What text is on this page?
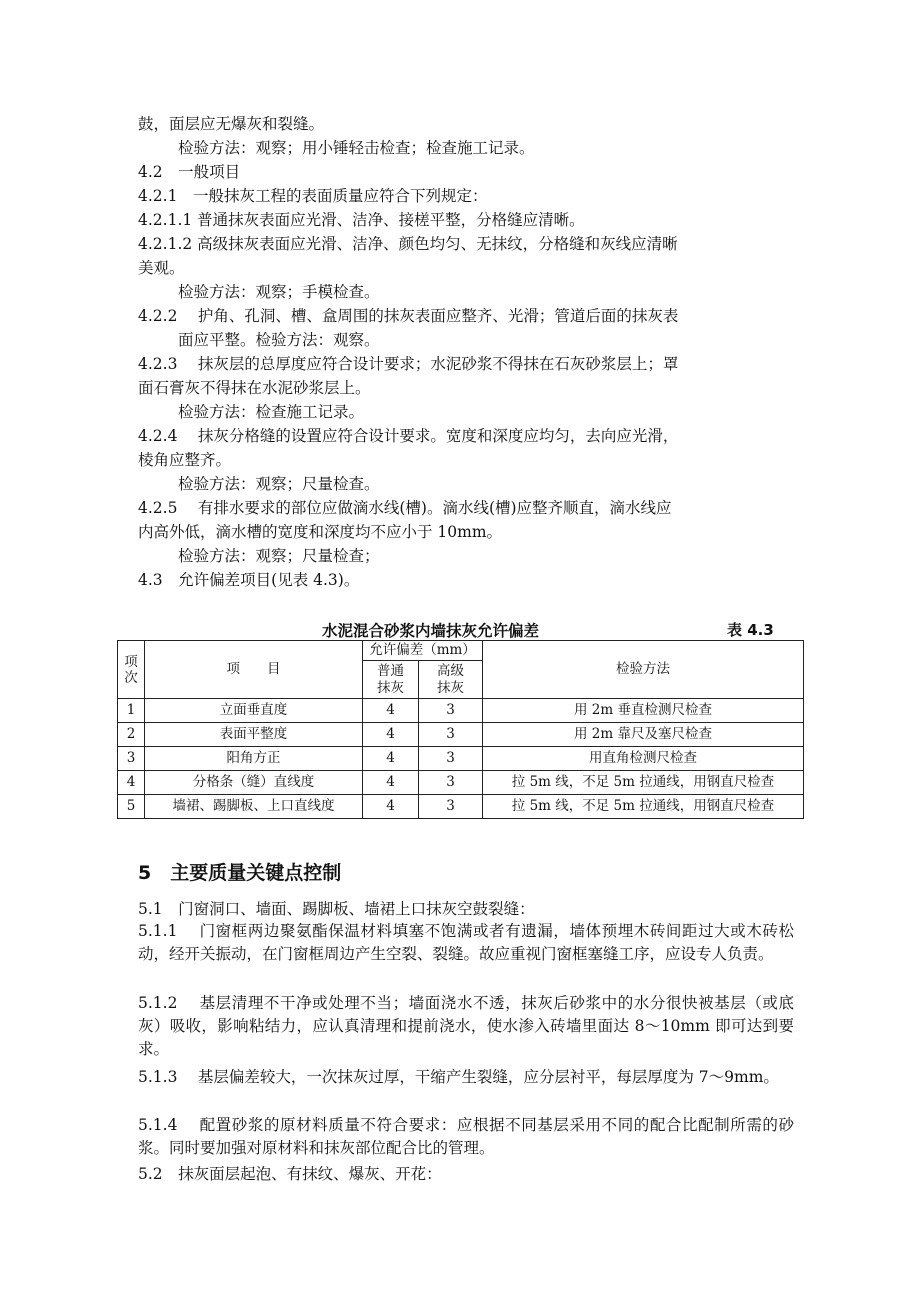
鼓，面层应无爆灰和裂缝。
检验方法：观察；用小锤轻击检查；检查施工记录。
4.2　一般项目
4.2.1　一般抹灰工程的表面质量应符合下列规定：
4.2.1.1 普通抹灰表面应光滑、洁净、接槎平整，分格缝应清晰。
4.2.1.2 高级抹灰表面应光滑、洁净、颜色均匀、无抹纹，分格缝和灰线应清晰
美观。
检验方法：观察；手模检查。
4.2.2　 护角、孔洞、槽、盒周围的抹灰表面应整齐、光滑；管道后面的抹灰表
面应平整。检验方法：观察。
4.2.3　 抹灰层的总厚度应符合设计要求；水泥砂浆不得抹在石灰砂浆层上；罩
面石膏灰不得抹在水泥砂浆层上。
检验方法：检查施工记录。
4.2.4　 抹灰分格缝的设置应符合设计要求。宽度和深度应均匀，去向应光滑，
棱角应整齐。
检验方法：观察；尺量检查。
4.2.5　 有排水要求的部位应做滴水线(槽)。滴水线(槽)应整齐顺直，滴水线应
内高外低，滴水槽的宽度和深度均不应小于 10mm。
检验方法：观察；尺量检查；
4.3　允许偏差项目(见表 4.3)。
水泥混合砂浆内墙抹灰允许偏差	表 4.3
项次	项　　目	允许偏差（mm）		检验方法
		普通抹灰	高级抹灰	
1	立面垂直度	4	3	用 2m 垂直检测尺检查
2	表面平整度	4	3	用 2m 靠尺及塞尺检查
3	阳角方正	4	3	用直角检测尺检查
4	分格条（缝）直线度	4	3	拉 5m 线，不足 5m 拉通线，用钢直尺检查
5	墙裙、踢脚板、上口直线度	4	3	拉 5m 线，不足 5m 拉通线，用钢直尺检查
5　主要质量关键点控制
5.1　门窗洞口、墙面、踢脚板、墙裙上口抹灰空鼓裂缝：
5.1.1　 门窗框两边聚氨酯保温材料填塞不饱满或者有遗漏，墙体预埋木砖间距过大或木砖松动，经开关振动，在门窗框周边产生空裂、裂缝。故应重视门窗框塞缝工序，应设专人负责。
5.1.2　 基层清理不干净或处理不当；墙面浇水不透，抹灰后砂浆中的水分很快被基层（或底灰）吸收，影响粘结力，应认真清理和提前浇水，使水渗入砖墙里面达 8～10mm 即可达到要求。
5.1.3　 基层偏差较大，一次抹灰过厚，干缩产生裂缝，应分层衬平，每层厚度为 7～9mm。
5.1.4　 配置砂浆的原材料质量不符合要求：应根据不同基层采用不同的配合比配制所需的砂浆。同时要加强对原材料和抹灰部位配合比的管理。
5.2　抹灰面层起泡、有抹纹、爆灰、开花：
